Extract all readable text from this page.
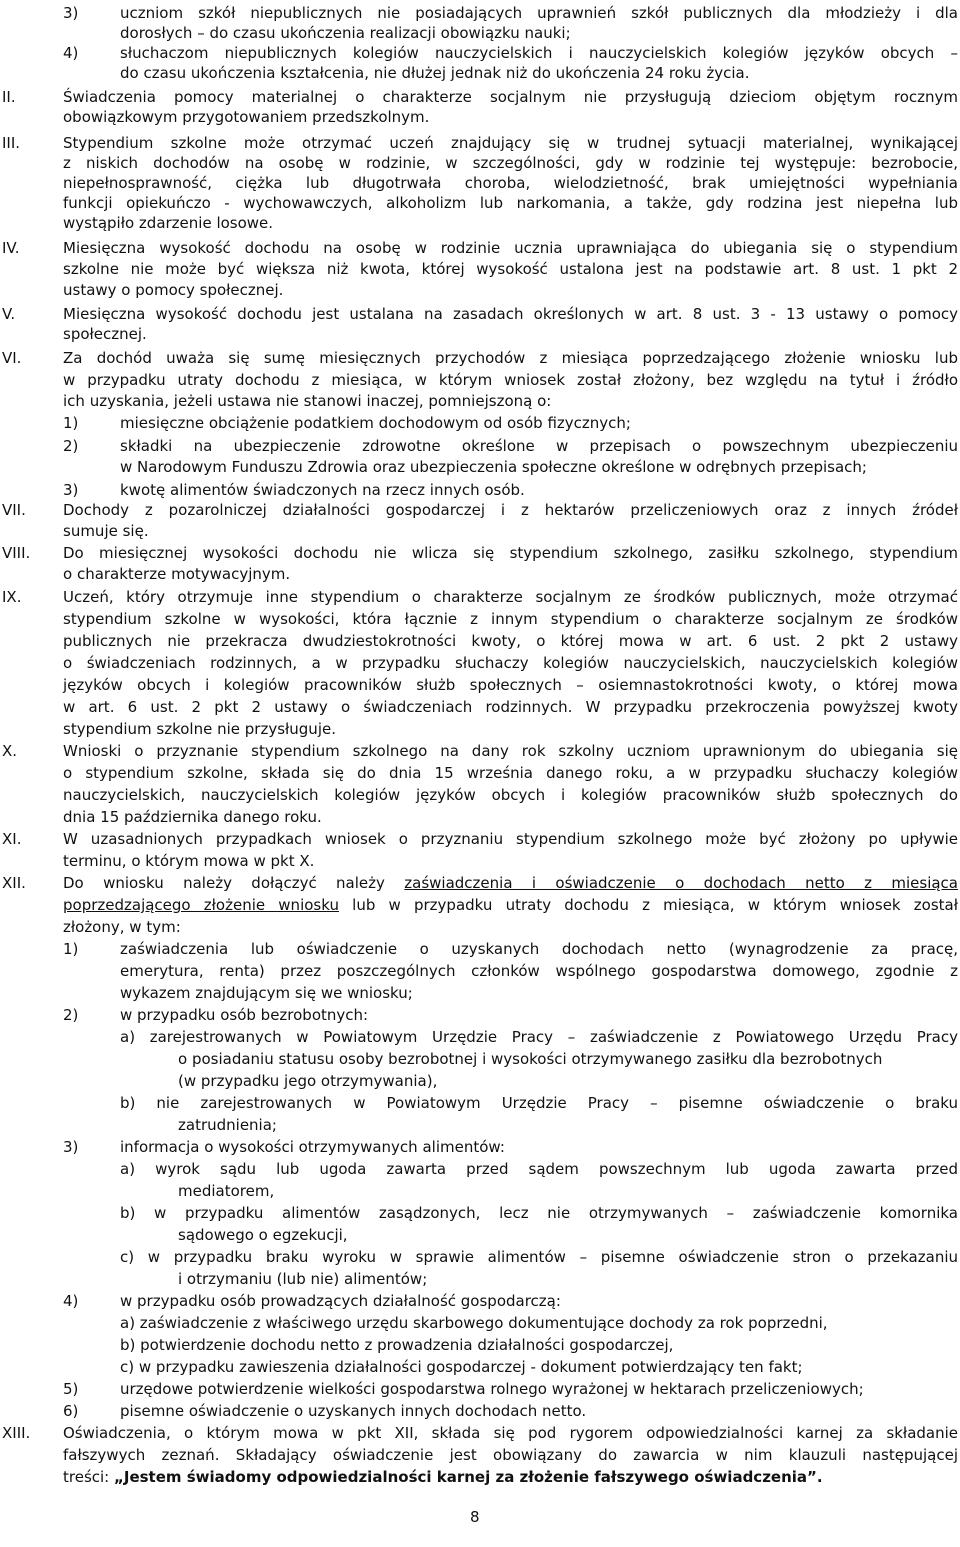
3)	uczniom szkół niepublicznych nie posiadających uprawnień szkół publicznych dla młodzieży i dla

dorosłych – do czasu ukończenia realizacji obowiązku nauki;

4)	słuchaczom niepublicznych kolegiów nauczycielskich i nauczycielskich kolegiów języków obcych –

do czasu ukończenia kształcenia, nie dłużej jednak niż do ukończenia 24 roku życia.

II.	Świadczenia pomocy materialnej o charakterze socjalnym nie przysługują dzieciom objętym rocznym

obowiązkowym przygotowaniem przedszkolnym.

III.	Stypendium szkolne może otrzymać uczeń znajdujący się w trudnej sytuacji materialnej, wynikającej

z niskich dochodów na osobę w rodzinie, w szczególności, gdy w rodzinie tej występuje: bezrobocie,

niepełnosprawność, ciężka lub długotrwała choroba, wielodzietność, brak umiejętności wypełniania

funkcji opiekuńczo - wychowawczych, alkoholizm lub narkomania, a także, gdy rodzina jest niepełna lub

wystąpiło zdarzenie losowe.

IV.	Miesięczna wysokość dochodu na osobę w rodzinie ucznia uprawniająca do ubiegania się o stypendium

szkolne nie może być większa niż kwota, której wysokość ustalona jest na podstawie art. 8 ust. 1 pkt 2

ustawy o pomocy społecznej.

V.	Miesięczna wysokość dochodu jest ustalana na zasadach określonych w art. 8 ust. 3 - 13 ustawy o pomocy

społecznej.

VI.	Za dochód uważa się sumę miesięcznych przychodów z miesiąca poprzedzającego złożenie wniosku lub

w przypadku utraty dochodu z miesiąca, w którym wniosek został złożony, bez względu na tytuł i źródło

ich uzyskania, jeżeli ustawa nie stanowi inaczej, pomniejszoną o:

1)	miesięczne obciążenie podatkiem dochodowym od osób fizycznych;

2)	składki na ubezpieczenie zdrowotne określone w przepisach o powszechnym ubezpieczeniu

w Narodowym Funduszu Zdrowia oraz ubezpieczenia społeczne określone w odrębnych przepisach;

3)	kwotę alimentów świadczonych na rzecz innych osób.

VII. Dochody z pozarolniczej działalności gospodarczej i z hektarów przeliczeniowych oraz z innych źródeł

sumuje się.

VIII. Do miesięcznej wysokości dochodu nie wlicza się stypendium szkolnego, zasiłku szkolnego, stypendium

o charakterze motywacyjnym.

IX.	Uczeń, który otrzymuje inne stypendium o charakterze socjalnym ze środków publicznych, może otrzymać

stypendium szkolne w wysokości, która łącznie z innym stypendium o charakterze socjalnym ze środków

publicznych nie przekracza dwudziestokrotności kwoty, o której mowa w art. 6 ust. 2 pkt 2 ustawy

o świadczeniach rodzinnych, a w przypadku słuchaczy kolegiów nauczycielskich, nauczycielskich kolegiów

języków obcych i kolegiów pracowników służb społecznych – osiemnastokrotności kwoty, o której mowa

w art. 6 ust. 2 pkt 2 ustawy o świadczeniach rodzinnych. W przypadku przekroczenia powyższej kwoty

stypendium szkolne nie przysługuje.

X.	Wnioski o przyznanie stypendium szkolnego na dany rok szkolny uczniom uprawnionym do ubiegania się

o stypendium szkolne, składa się do dnia 15 września danego roku, a w przypadku słuchaczy kolegiów

nauczycielskich, nauczycielskich kolegiów języków obcych i kolegiów pracowników służb społecznych do

dnia 15 października danego roku.

XI.	W uzasadnionych przypadkach wniosek o przyznaniu stypendium szkolnego może być złożony po upływie

terminu, o którym mowa w pkt X.

XII. Do wniosku należy dołączyć należy zaświadczenia i oświadczenie o dochodach netto z miesiąca

poprzedzającego złożenie wniosku lub w przypadku utraty dochodu z miesiąca, w którym wniosek został

złożony, w tym:

1)	zaświadczenia lub oświadczenie o uzyskanych dochodach netto (wynagrodzenie za pracę,

emerytura, renta) przez poszczególnych członków wspólnego gospodarstwa domowego, zgodnie z

wykazem znajdującym się we wniosku;

2)	w przypadku osób bezrobotnych:

a) zarejestrowanych w Powiatowym Urzędzie Pracy – zaświadczenie z Powiatowego Urzędu Pracy

o posiadaniu statusu osoby bezrobotnej i wysokości otrzymywanego zasiłku dla bezrobotnych

(w przypadku jego otrzymywania),

b) nie zarejestrowanych w Powiatowym Urzędzie Pracy – pisemne oświadczenie o braku

zatrudnienia;

3)	informacja o wysokości otrzymywanych alimentów:

a) wyrok sądu lub ugoda zawarta przed sądem powszechnym lub ugoda zawarta przed

mediatorem,

b) w przypadku alimentów zasądzonych, lecz nie otrzymywanych – zaświadczenie komornika

sądowego o egzekucji,

c) w przypadku braku wyroku w sprawie alimentów – pisemne oświadczenie stron o przekazaniu

i otrzymaniu (lub nie) alimentów;

4)	w przypadku osób prowadzących działalność gospodarczą:

a) zaświadczenie z właściwego urzędu skarbowego dokumentujące dochody za rok poprzedni,

b) potwierdzenie dochodu netto z prowadzenia działalności gospodarczej,

c) w przypadku zawieszenia działalności gospodarczej - dokument potwierdzający ten fakt;

5)	urzędowe potwierdzenie wielkości gospodarstwa rolnego wyrażonej w hektarach przeliczeniowych;

6)	pisemne oświadczenie o uzyskanych innych dochodach netto.

XIII. Oświadczenia, o którym mowa w pkt XII, składa się pod rygorem odpowiedzialności karnej za składanie

fałszywych zeznań. Składający oświadczenie jest obowiązany do zawarcia w nim klauzuli następującej

treści: „Jestem świadomy odpowiedzialności karnej za złożenie fałszywego oświadczenia”.

8
